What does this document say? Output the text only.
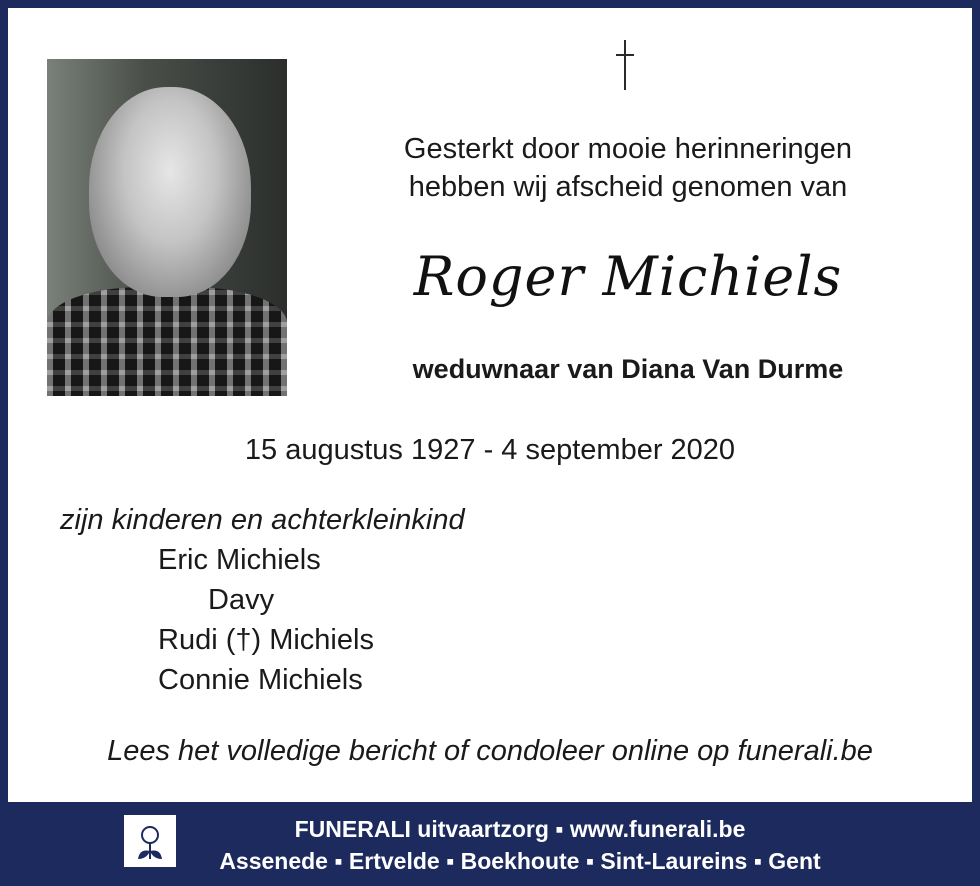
Gesterkt door mooie herinneringen
hebben wij afscheid genomen van
Roger Michiels
weduwnaar van Diana Van Durme
15 augustus 1927 - 4 september 2020
zijn kinderen en achterkleinkind
Eric Michiels
Davy
Rudi (†) Michiels
Connie Michiels
Lees het volledige bericht of condoleer online op funerali.be
FUNERALI uitvaartzorg ▪ www.funerali.be
Assenede ▪ Ertvelde ▪ Boekhoute ▪ Sint-Laureins ▪ Gent
